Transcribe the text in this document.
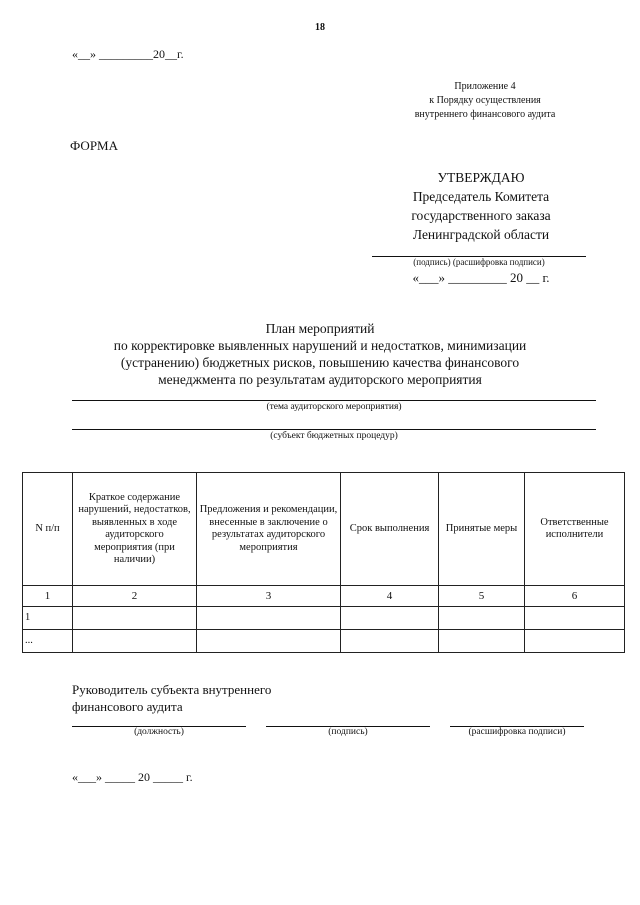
18
«__» _________20__г.
Приложение 4
к Порядку осуществления
внутреннего финансового аудита
ФОРМА
УТВЕРЖДАЮ
Председатель Комитета
государственного заказа
Ленинградской области
(подпись) (расшифровка подписи)
«___» _________ 20 __ г.
План мероприятий
по корректировке выявленных нарушений и недостатков, минимизации
(устранению) бюджетных рисков, повышению качества финансового
менеджмента по результатам аудиторского мероприятия
(тема аудиторского мероприятия)
(субъект бюджетных процедур)
N п/п	Краткое содержание нарушений, недостатков, выявленных в ходе аудиторского мероприятия (при наличии)	Предложения и рекомендации, внесенные в заключение о результатах аудиторского мероприятия	Срок выполнения	Принятые меры	Ответственные исполнители
1	2	3	4	5	6
1					
...					
Руководитель субъекта внутреннего
финансового аудита
(должность)	(подпись)	(расшифровка подписи)
«___» _____ 20 _____ г.
